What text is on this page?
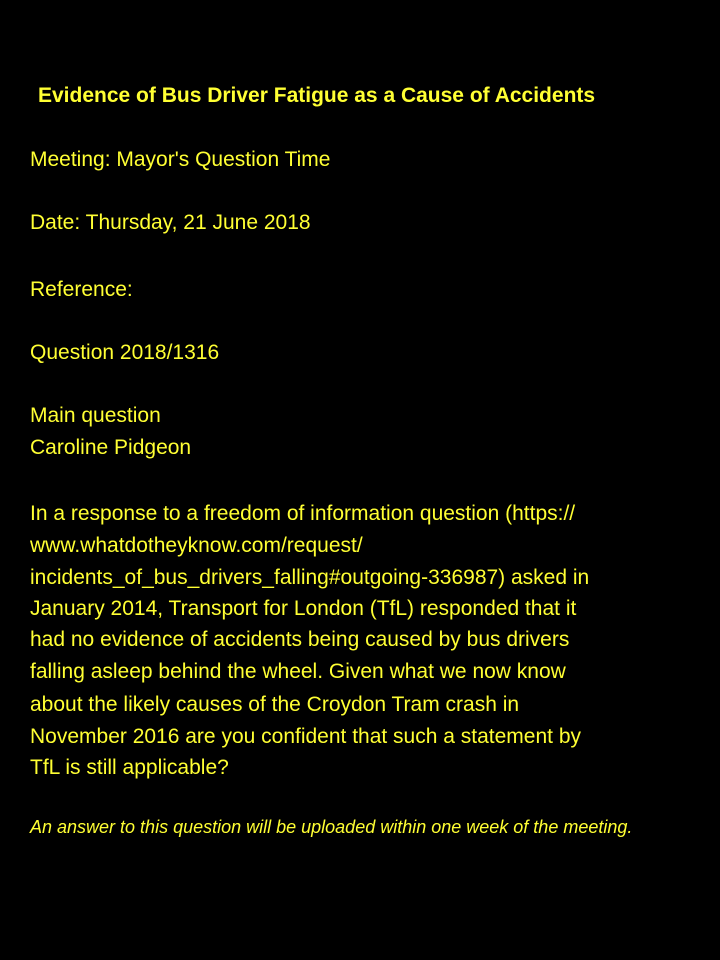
Evidence of Bus Driver Fatigue as a Cause of Accidents
Meeting: Mayor's Question Time
Date: Thursday, 21 June 2018
Reference:
Question 2018/1316
Main question
Caroline Pidgeon
In a response to a freedom of information question (https://
www.whatdotheyknow.com/request/
incidents_of_bus_drivers_falling#outgoing-336987) asked in
January 2014, Transport for London (TfL) responded that it
had no evidence of accidents being caused by bus drivers
falling asleep behind the wheel. Given what we now know
about the likely causes of the Croydon Tram crash in
November 2016 are you confident that such a statement by
TfL is still applicable?
An answer to this question will be uploaded within one week of the meeting.
